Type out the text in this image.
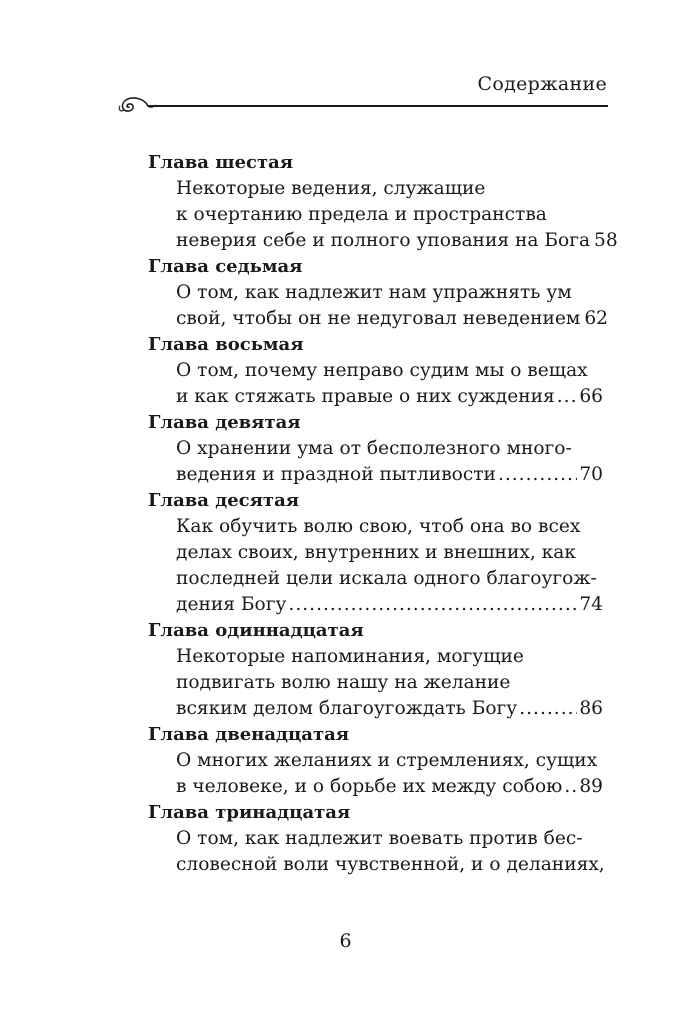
Содержание
Глава шестая
Некоторые ведения, служащие
к очертанию предела и пространства
неверия себе и полного упования на Бога 58
Глава седьмая
О том, как надлежит нам упражнять ум
свой, чтобы он не недуговал неведением 62
Глава восьмая
О том, почему неправо судим мы о вещах
и как стяжать правые о них суждения ..... 66
Глава девятая
О хранении ума от бесполезного много-
ведения и праздной пытливости .....	70
Глава десятая
Как обучить волю свою, чтоб она во всех
делах своих, внутренних и внешних, как
последней цели искала одного благоугож-
дения Богу .....	74
Глава одиннадцатая
Некоторые напоминания, могущие
подвигать волю нашу на желание
всяким делом благоугождать Богу .....	86
Глава двенадцатая
О многих желаниях и стремлениях, сущих
в человеке, и о борьбе их между собою ..... 89
Глава тринадцатая
О том, как надлежит воевать против бес-
словесной воли чувственной, и о деланиях,
6
